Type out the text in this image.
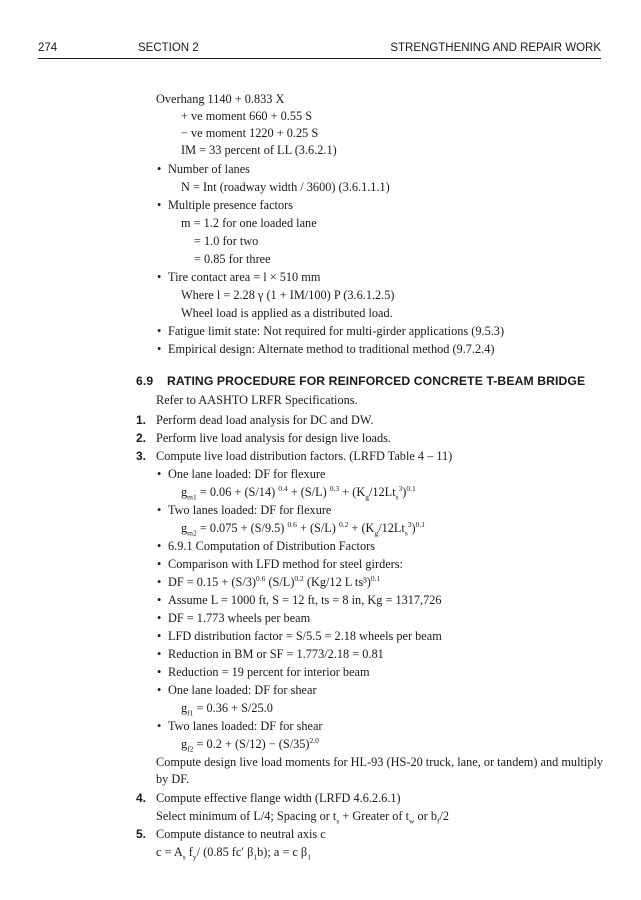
274	SECTION 2	STRENGTHENING AND REPAIR WORK
Overhang 1140 + 0.833 X
+ ve moment 660 + 0.55 S
− ve moment 1220 + 0.25 S
IM = 33 percent of LL (3.6.2.1)
• Number of lanes
N = Int (roadway width / 3600) (3.6.1.1.1)
• Multiple presence factors
m = 1.2 for one loaded lane
= 1.0 for two
= 0.85 for three
• Tire contact area = l × 510 mm
Where l = 2.28 γ (1 + IM/100) P (3.6.1.2.5)
Wheel load is applied as a distributed load.
• Fatigue limit state: Not required for multi-girder applications (9.5.3)
• Empirical design: Alternate method to traditional method (9.7.2.4)
6.9 RATING PROCEDURE FOR REINFORCED CONCRETE T-BEAM BRIDGE
Refer to AASHTO LRFR Specifications.
1. Perform dead load analysis for DC and DW.
2. Perform live load analysis for design live loads.
3. Compute live load distribution factors. (LRFD Table 4 – 11)
• One lane loaded: DF for flexure
$g_{m1} = 0.06 + (S/14) ^{0.4} + (S/L) ^{0.3} + (K_g/12Lt_s^3)^{0.1}$
• Two lanes loaded: DF for flexure
$g_{m2} = 0.075 + (S/9.5) ^{0.6} + (S/L) ^{0.2} + (K_g/12Lt_s^3)^{0.1}$
• 6.9.1 Computation of Distribution Factors
• Comparison with LFD method for steel girders:
• DF = $0.15 + (S/3)^{0.6}$ $(S/L)^{0.2}$ (Kg/12 L ts³)$^{0.1}$
• Assume L = 1000 ft, S = 12 ft, ts = 8 in, Kg = 1317,726
• DF = 1.773 wheels per beam
• LFD distribution factor = S/5.5 = 2.18 wheels per beam
• Reduction in BM or SF = 1.773/2.18 = 0.81
• Reduction = 19 percent for interior beam
• One lane loaded: DF for shear
$g_{f1} = 0.36 + S/25.0$
• Two lanes loaded: DF for shear
$g_{f2} = 0.2 + (S/12) - (S/35)^{2.0}$
Compute design live load moments for HL-93 (HS-20 truck, lane, or tandem) and multiply
by DF.
4. Compute effective flange width (LRFD 4.6.2.6.1)
Select minimum of L/4; Spacing or $t_s$ + Greater of $t_w$ or $b_f/2$
5. Compute distance to neutral axis c
$c = A_s$ $f_y/$ (0.85 fc′ $\beta_1b$); a = c $\beta_1$
